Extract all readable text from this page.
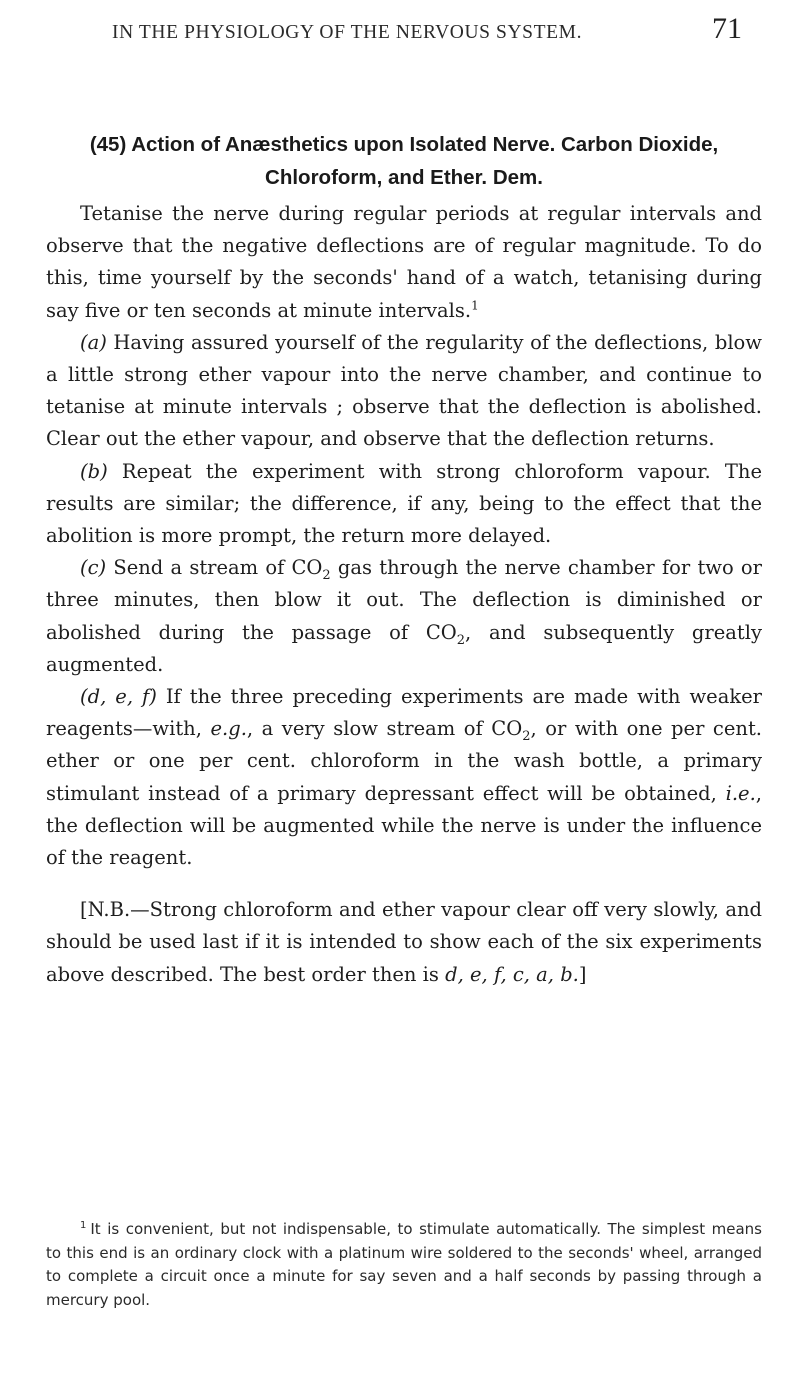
IN THE PHYSIOLOGY OF THE NERVOUS SYSTEM.	71
(45) Action of Anæsthetics upon Isolated Nerve. Carbon Dioxide,
Chloroform, and Ether. Dem.

Tetanise the nerve during regular periods at regular intervals and observe that the negative deflections are of regular magnitude. To do this, time yourself by the seconds' hand of a watch, tetanising during say five or ten seconds at minute intervals.$^1$

(a) Having assured yourself of the regularity of the deflections, blow a little strong ether vapour into the nerve chamber, and continue to tetanise at minute intervals ; observe that the deflection is abolished. Clear out the ether vapour, and observe that the deflection returns.

(b) Repeat the experiment with strong chloroform vapour. The results are similar; the difference, if any, being to the effect that the abolition is more prompt, the return more delayed.

(c) Send a stream of $CO_2$ gas through the nerve chamber for two or three minutes, then blow it out. The deflection is diminished or abolished during the passage of $CO_2$, and subsequently greatly augmented.

(d, e, f) If the three preceding experiments are made with weaker reagents—with, e.g., a very slow stream of $CO_2$, or with one per cent. ether or one per cent. chloroform in the wash bottle, a primary stimulant instead of a primary depressant effect will be obtained, i.e., the deflection will be augmented while the nerve is under the influence of the reagent.

[N.B.—Strong chloroform and ether vapour clear off very slowly, and should be used last if it is intended to show each of the six experiments above described. The best order then is d, e, f, c, a, b.]

$^1$ It is convenient, but not indispensable, to stimulate automatically. The simplest means to this end is an ordinary clock with a platinum wire soldered to the seconds' wheel, arranged to complete a circuit once a minute for say seven and a half seconds by passing through a mercury pool.
